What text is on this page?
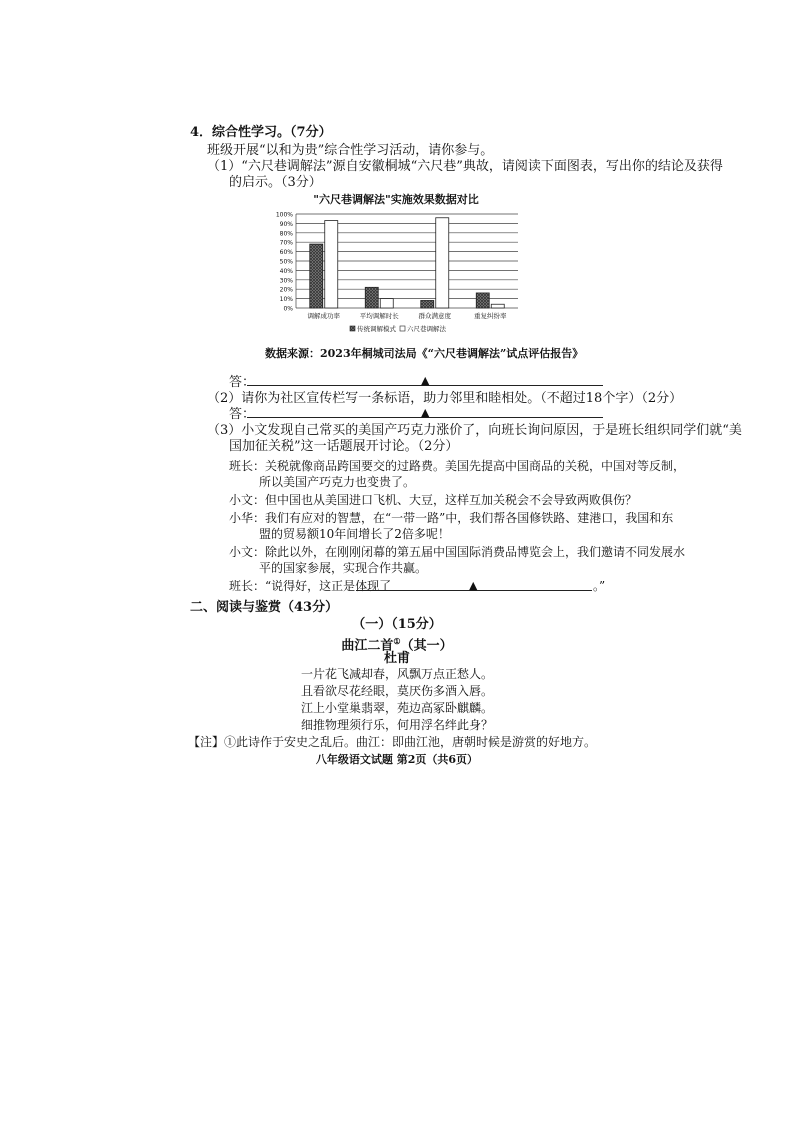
4．综合性学习。（7分）
班级开展“以和为贵”综合性学习活动，请你参与。
（1）“六尺巷调解法”源自安徽桐城“六尺巷”典故，请阅读下面图表，写出你的结论及获得
的启示。（3分）
"六尺巷调解法"实施效果数据对比
0%
10%
20%
30%
40%
50%
60%
70%
80%
90%
100%
调解成功率	平均调解时长	群众满意度	重复纠纷率
传统调解模式 六尺巷调解法
数据来源：2023年桐城司法局《“六尺巷调解法”试点评估报告》
答：	▲
（2）请你为社区宣传栏写一条标语，助力邻里和睦相处。（不超过18个字）（2分）
答：	▲
（3）小文发现自己常买的美国产巧克力涨价了，向班长询问原因，于是班长组织同学们就“美
国加征关税”这一话题展开讨论。（2分）
班长：关税就像商品跨国要交的过路费。美国先提高中国商品的关税，中国对等反制，
所以美国产巧克力也变贵了。
小文：但中国也从美国进口飞机、大豆，这样互加关税会不会导致两败俱伤？
小华：我们有应对的智慧，在“一带一路”中，我们帮各国修铁路、建港口，我国和东
盟的贸易额10年间增长了2倍多呢！
小文：除此以外，在刚刚闭幕的第五届中国国际消费品博览会上，我们邀请不同发展水
平的国家参展，实现合作共赢。
班长：“说得好，这正是体现了	▲	。”
二、阅读与鉴赏（43分）
（一）（15分）
曲江二首①（其一）
杜甫
一片花飞减却春，风飘万点正愁人。
且看欲尽花经眼，莫厌伤多酒入唇。
江上小堂巢翡翠，苑边高冢卧麒麟。
细推物理须行乐，何用浮名绊此身？
【注】①此诗作于安史之乱后。曲江：即曲江池，唐朝时候是游赏的好地方。
八年级语文试题 第2页（共6页）
